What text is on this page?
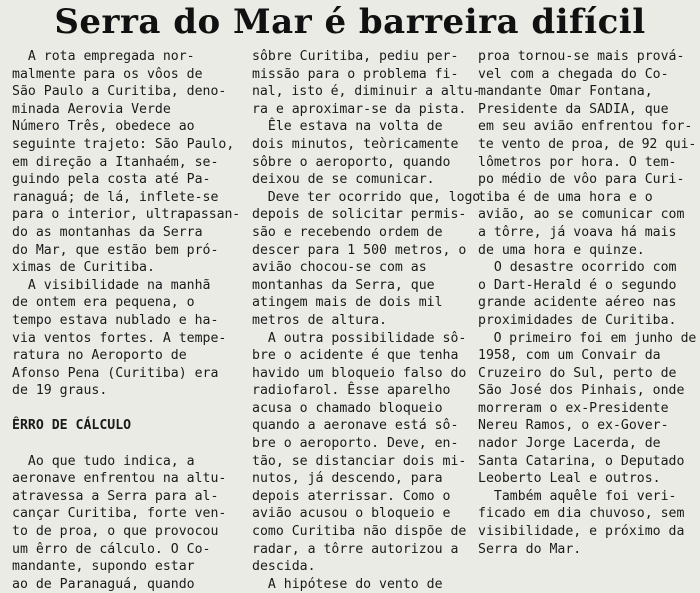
Serra do Mar é barreira difícil
A rota empregada nor-
malmente para os vôos de
São Paulo a Curitiba, deno-
minada Aerovia Verde
Número Três, obedece ao
seguinte trajeto: São Paulo,
em direção a Itanhaém, se-
guindo pela costa até Pa-
ranaguá; de lá, inflete-se
para o interior, ultrapassan-
do as montanhas da Serra
do Mar, que estão bem pró-
ximas de Curitiba.
A visibilidade na manhã
de ontem era pequena, o
tempo estava nublado e ha-
via ventos fortes. A tempe-
ratura no Aeroporto de
Afonso Pena (Curitiba) era
de 19 graus.
ÊRRO DE CÁLCULO
Ao que tudo indica, a
aeronave enfrentou na altu-
atravessa a Serra para al-
cançar Curitiba, forte ven-
to de proa, o que provocou
um êrro de cálculo. O Co-
mandante, supondo estar
ao de Paranaguá, quando
sôbre Curitiba, pediu per-
missão para o problema fi-
nal, isto é, diminuir a altu-
ra e aproximar-se da pista.
Êle estava na volta de
dois minutos, teòricamente
sôbre o aeroporto, quando
deixou de se comunicar.
Deve ter ocorrido que, logo
depois de solicitar permis-
são e recebendo ordem de
descer para 1 500 metros, o
avião chocou-se com as
montanhas da Serra, que
atingem mais de dois mil
metros de altura.
A outra possibilidade sô-
bre o acidente é que tenha
havido um bloqueio falso do
radiofarol. Êsse aparelho
acusa o chamado bloqueio
quando a aeronave está sô-
bre o aeroporto. Deve, en-
tão, se distanciar dois mi-
nutos, já descendo, para
depois aterrissar. Como o
avião acusou o bloqueio e
como Curitiba não dispõe de
radar, a tôrre autorizou a
descida.
A hipótese do vento de
proa tornou-se mais prová-
vel com a chegada do Co-
mandante Omar Fontana,
Presidente da SADIA, que
em seu avião enfrentou for-
te vento de proa, de 92 qui-
lômetros por hora. O tem-
po médio de vôo para Curi-
tiba é de uma hora e o
avião, ao se comunicar com
a tôrre, já voava há mais
de uma hora e quinze.
O desastre ocorrido com
o Dart-Herald é o segundo
grande acidente aéreo nas
proximidades de Curitiba.
O primeiro foi em junho de
1958, com um Convair da
Cruzeiro do Sul, perto de
São José dos Pinhais, onde
morreram o ex-Presidente
Nereu Ramos, o ex-Gover-
nador Jorge Lacerda, de
Santa Catarina, o Deputado
Leoberto Leal e outros.
Também aquêle foi veri-
ficado em dia chuvoso, sem
visibilidade, e próximo da
Serra do Mar.
